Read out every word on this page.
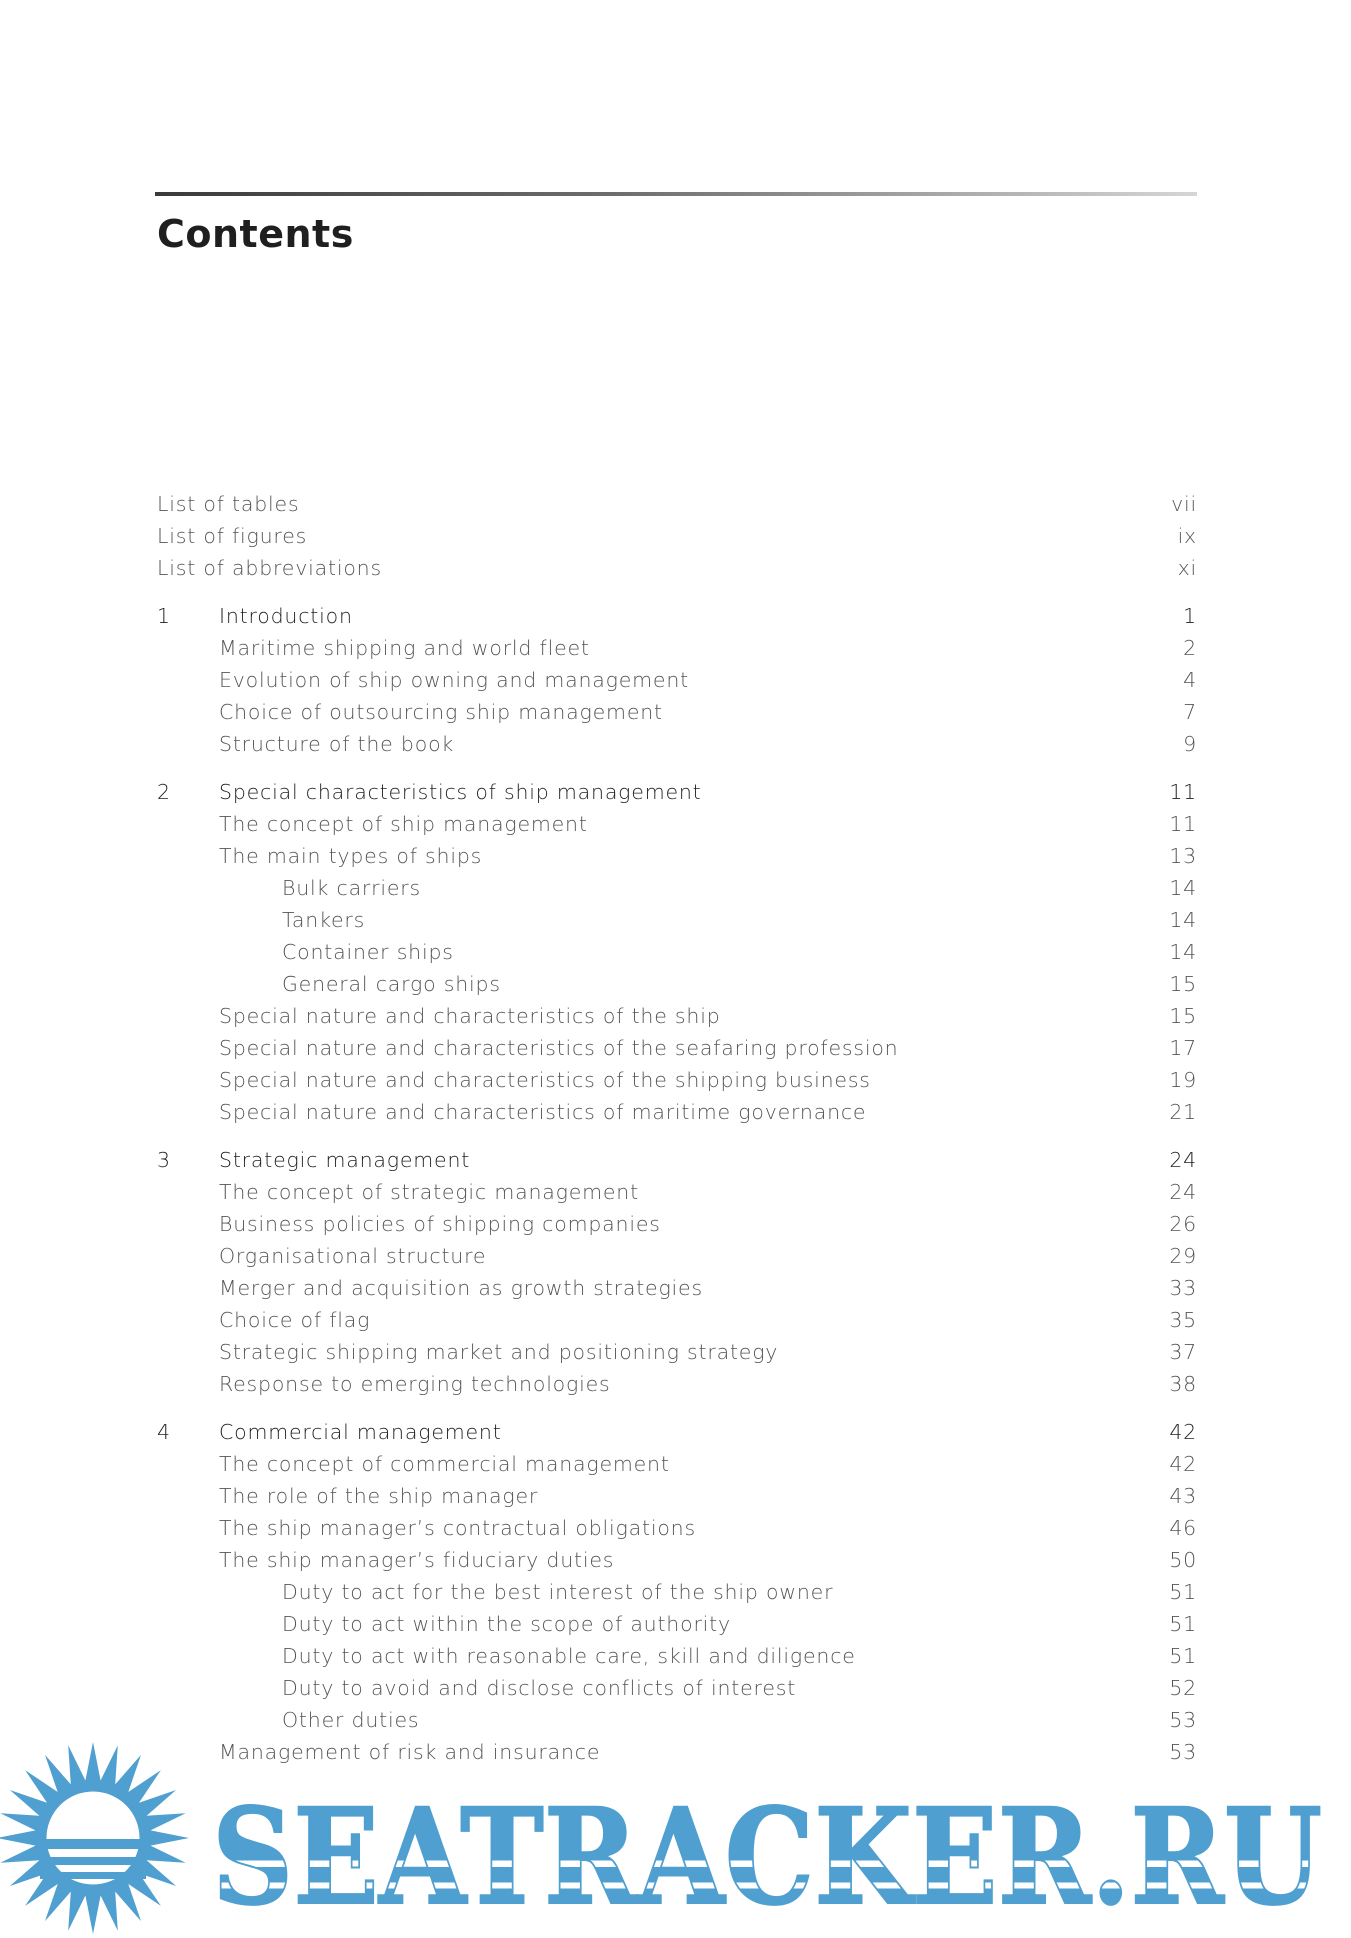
Contents
List of tables	vii
List of figures	ix
List of abbreviations	xi
1 Introduction	1
Maritime shipping and world fleet	2
Evolution of ship owning and management	4
Choice of outsourcing ship management	7
Structure of the book	9
2 Special characteristics of ship management	11
The concept of ship management	11
The main types of ships	13
Bulk carriers	14
Tankers	14
Container ships	14
General cargo ships	15
Special nature and characteristics of the ship	15
Special nature and characteristics of the seafaring profession	17
Special nature and characteristics of the shipping business	19
Special nature and characteristics of maritime governance	21
3 Strategic management	24
The concept of strategic management	24
Business policies of shipping companies	26
Organisational structure	29
Merger and acquisition as growth strategies	33
Choice of flag	35
Strategic shipping market and positioning strategy	37
Response to emerging technologies	38
4 Commercial management	42
The concept of commercial management	42
The role of the ship manager	43
The ship manager’s contractual obligations	46
The ship manager’s fiduciary duties	50
Duty to act for the best interest of the ship owner	51
Duty to act within the scope of authority	51
Duty to act with reasonable care, skill and diligence	51
Duty to avoid and disclose conflicts of interest	52
Other duties	53
Management of risk and insurance	53
SEATRACKER.RU
